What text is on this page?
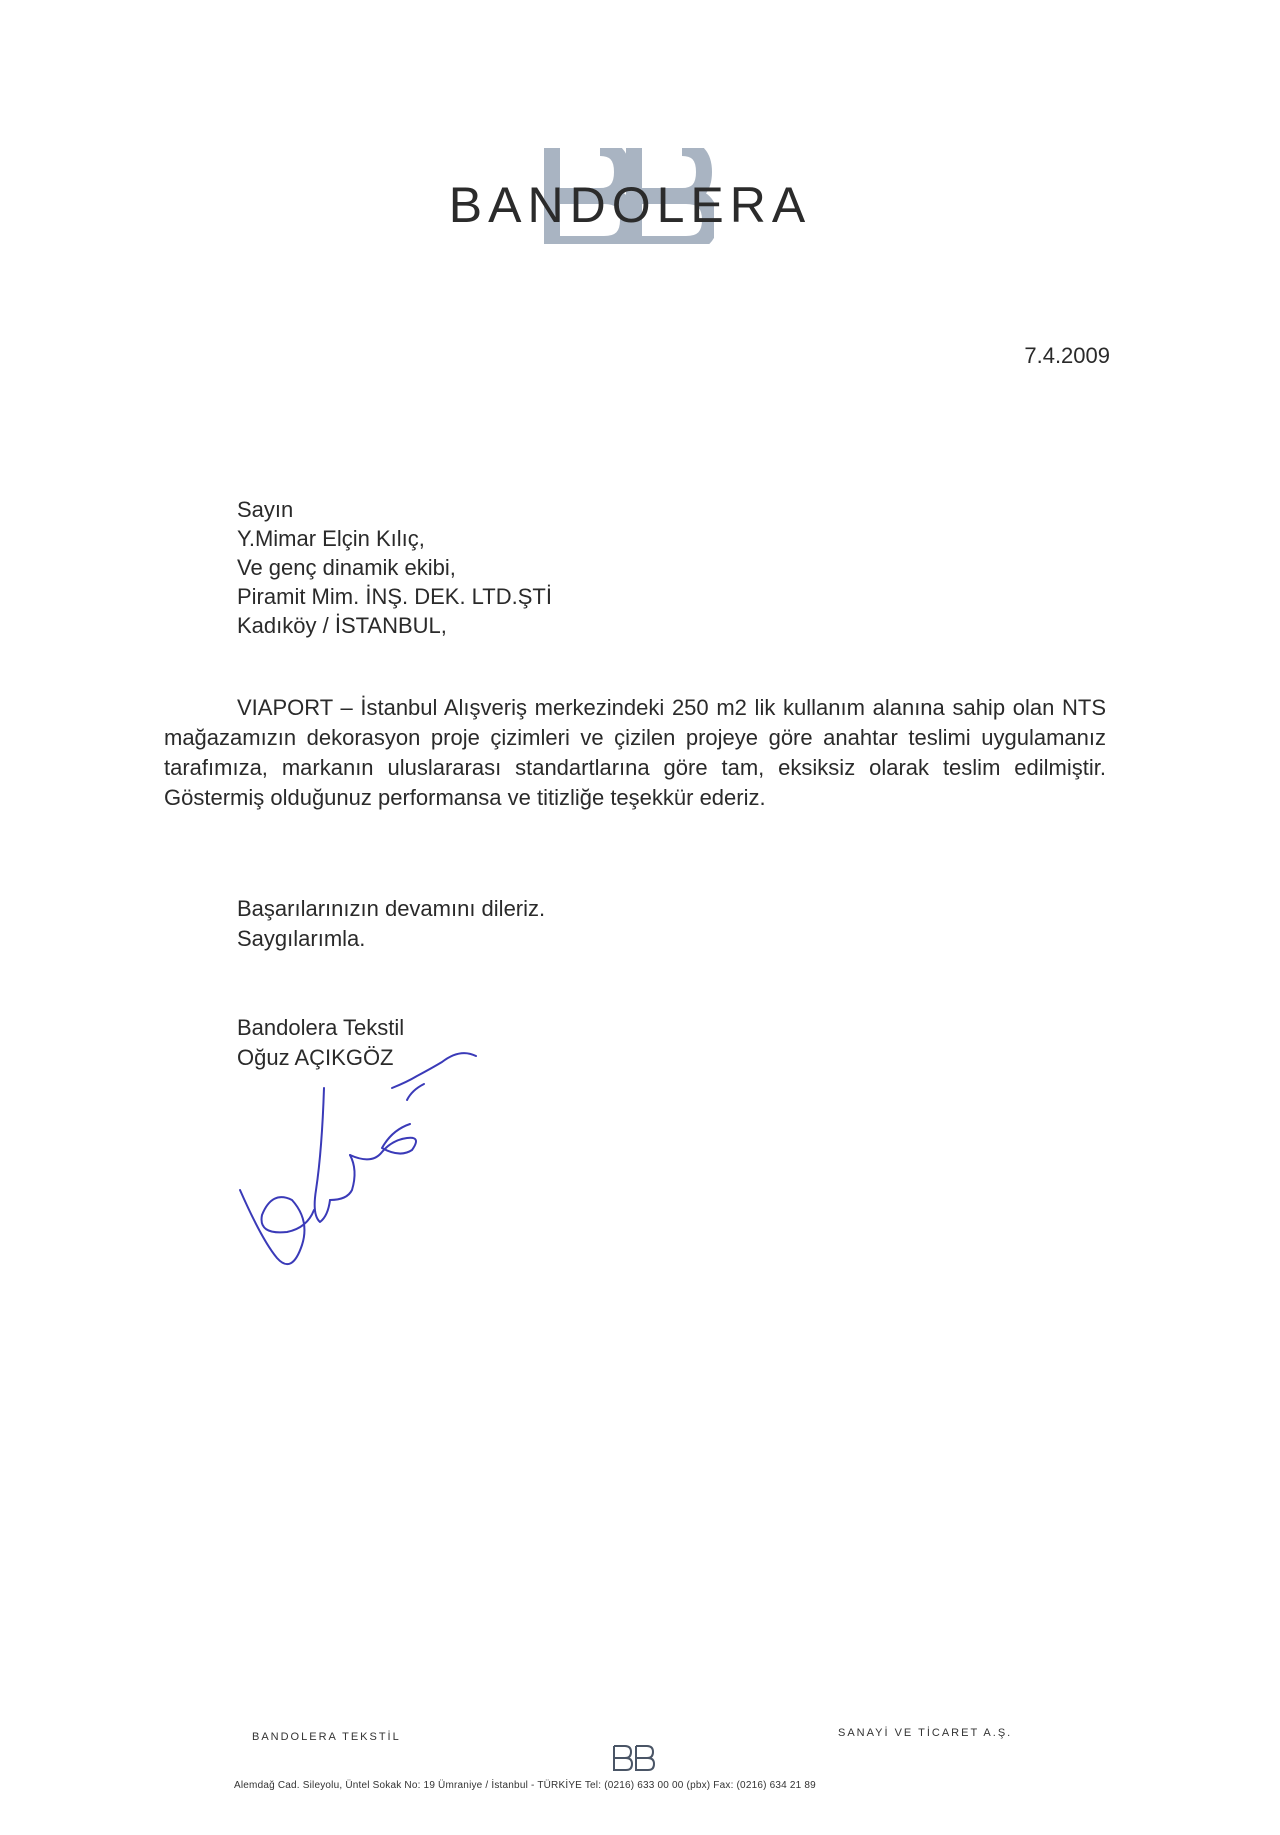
BANDOLERA
7.4.2009
Sayın
Y.Mimar Elçin Kılıç,
Ve genç dinamik ekibi,
Piramit Mim. İNŞ. DEK. LTD.ŞTİ
Kadıköy / İSTANBUL,
VIAPORT – İstanbul Alışveriş merkezindeki 250 m2 lik kullanım alanına sahip olan NTS mağazamızın dekorasyon proje çizimleri ve çizilen projeye göre anahtar teslimi uygulamanız tarafımıza, markanın uluslararası standartlarına göre tam, eksiksiz olarak teslim edilmiştir. Göstermiş olduğunuz performansa ve titizliğe teşekkür ederiz.
Başarılarınızın devamını dileriz.
Saygılarımla.
Bandolera Tekstil
Oğuz AÇIKGÖZ
BANDOLERA TEKSTİL	SANAYİ VE TİCARET A.Ş.
Alemdağ Cad. Sileyolu, Üntel Sokak No: 19 Ümraniye / İstanbul - TÜRKİYE Tel: (0216) 633 00 00 (pbx) Fax: (0216) 634 21 89
